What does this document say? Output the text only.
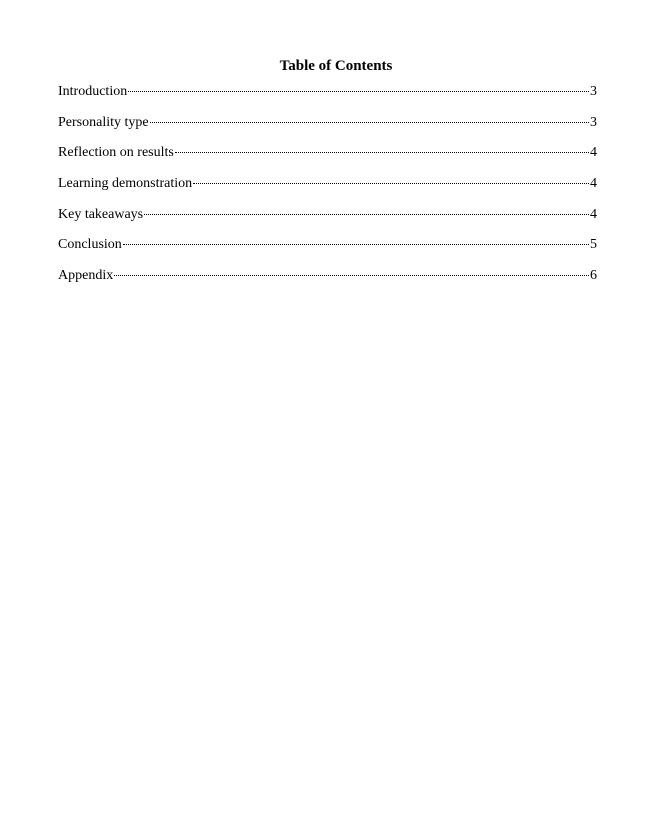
Table of Contents
Introduction	3
Personality type	3
Reflection on results	4
Learning demonstration	4
Key takeaways	4
Conclusion	5
Appendix	6
